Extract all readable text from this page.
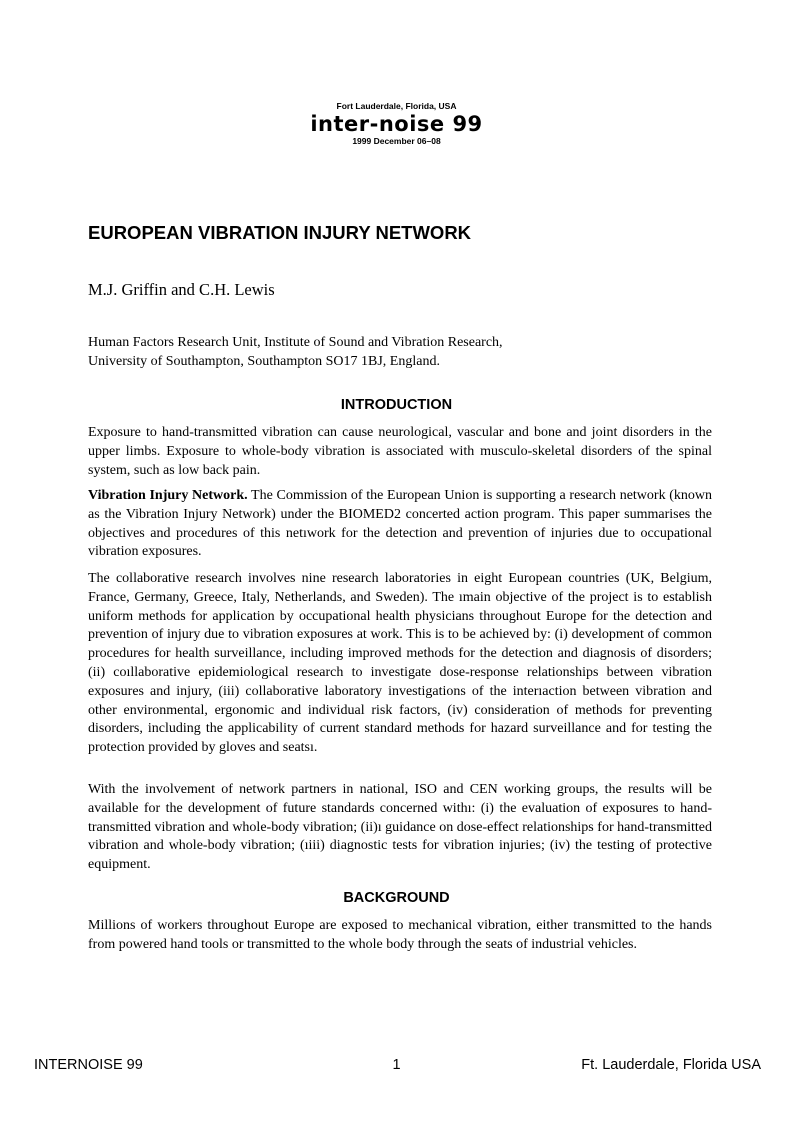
Fort Lauderdale, Florida, USA
inter-noise 99
1999 December 06–08
EUROPEAN VIBRATION INJURY NETWORK

M.J. Griffin and C.H. Lewis

Human Factors Research Unit, Institute of Sound and Vibration Research,
University of Southampton, Southampton SO17 1BJ, England.

INTRODUCTION

Exposure to hand-transmitted vibration can cause neurological, vascular and bone and joint disorders in the upper limbs. Exposure to whole-body vibration is associated with musculo-skeletal disorders of the spinal system, such as low back pain.

Vibration Injury Network. The Commission of the European Union is supporting a research network (known as the Vibration Injury Network) under the BIOMED2 concerted action program. This paper summarises the objectives and procedures of this netıwork for the detection and prevention of injuries due to occupational vibration exposures.

The collaborative research involves nine research laboratories in eight European countries (UK, Belgium, France, Germany, Greece, Italy, Netherlands, and Sweden). The ımain objective of the project is to establish uniform methods for application by occupational health physicians throughout Europe for the detection and prevention of injury due to vibration exposures at work. This is to be achieved by: (i) development of common procedures for health surveillance, including improved methods for the detection and diagnosis of disorders; (ii) coıllaborative epidemiological research to investigate dose-response relationships between vibration exposures and injury, (iii) collaborative laboratory investigations of the interıaction between vibration and other environmental, ergonomic and individual risk factors, (iv) consideration of methods for preventing disorders, including the applicability of current standard methods for hazard surveillance and for testing the protection provided by gloves and seatsı.

With the involvement of network partners in national, ISO and CEN working groups, the results will be available for the development of future standards concerned withı: (i) the evaluation of exposures to hand-transmitted vibration and whole-body vibration; (ii)ı guidance on dose-effect relationships for hand-transmitted vibration and whole-body vibration; (ıiii) diagnostic tests for vibration injuries; (iv) the testing of protective equipment.

BACKGROUND

Millions of workers throughout Europe are exposed to mechanical vibration, either transmitted to the hands from powered hand tools or transmitted to the whole body through the seats of industrial vehicles.

INTERNOISE 99	1	Ft. Lauderdale, Florida USA
